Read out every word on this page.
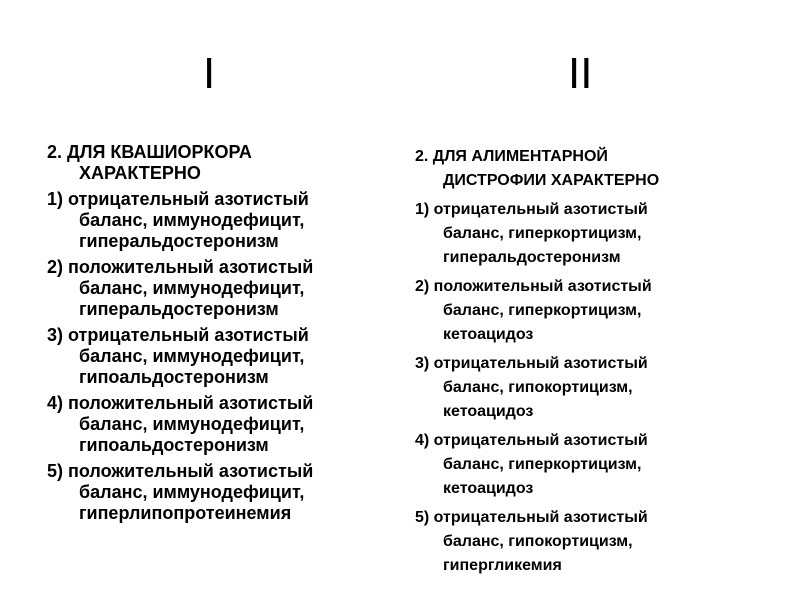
I	II
2. ДЛЯ КВАШИОРКОРА
ХАРАКТЕРНО
1) отрицательный азотистый
баланс, иммунодефицит,
гиперальдостеронизм
2) положительный азотистый
баланс, иммунодефицит,
гиперальдостеронизм
3) отрицательный азотистый
баланс, иммунодефицит,
гипоальдостеронизм
4) положительный азотистый
баланс, иммунодефицит,
гипоальдостеронизм
5) положительный азотистый
баланс, иммунодефицит,
гиперлипопротеинемия
2. ДЛЯ АЛИМЕНТАРНОЙ
ДИСТРОФИИ ХАРАКТЕРНО
1) отрицательный азотистый
баланс, гиперкортицизм,
гиперальдостеронизм
2) положительный азотистый
баланс, гиперкортицизм,
кетоацидоз
3) отрицательный азотистый
баланс, гипокортицизм,
кетоацидоз
4) отрицательный азотистый
баланс, гиперкортицизм,
кетоацидоз
5) отрицательный азотистый
баланс, гипокортицизм,
гипергликемия
